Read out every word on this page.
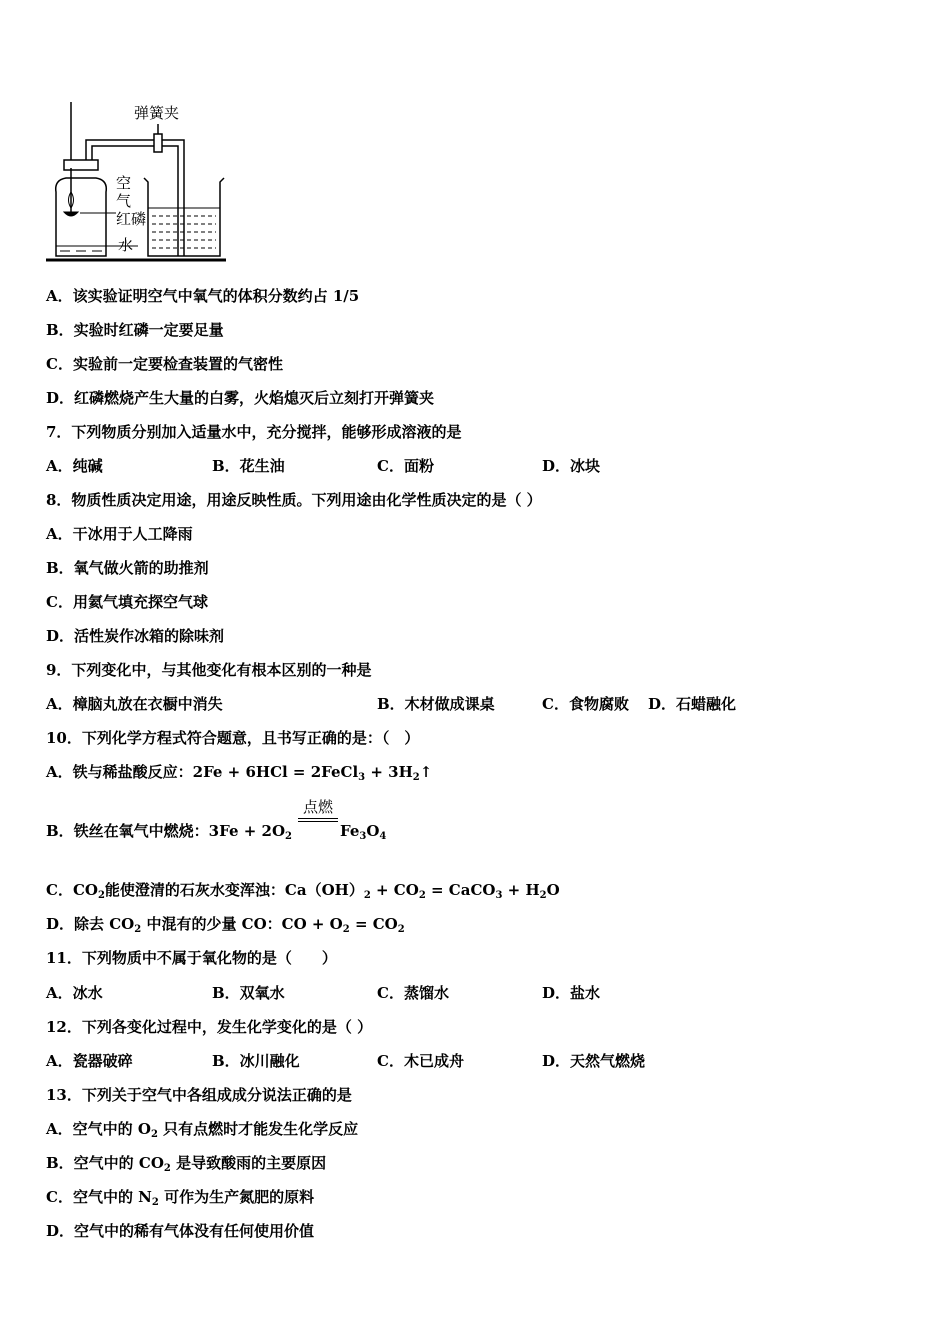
弹簧夹
空
气
红磷
水
A．该实验证明空气中氧气的体积分数约占 1/5
B．实验时红磷一定要足量
C．实验前一定要检查装置的气密性
D．红磷燃烧产生大量的白雾，火焰熄灭后立刻打开弹簧夹
7．下列物质分别加入适量水中，充分搅拌，能够形成溶液的是
A．纯碱	B．花生油	C．面粉	D．冰块
8．物质性质决定用途，用途反映性质。下列用途由化学性质决定的是（ ）
A．干冰用于人工降雨
B．氧气做火箭的助推剂
C．用氦气填充探空气球
D．活性炭作冰箱的除味剂
9．下列变化中，与其他变化有根本区别的一种是
A．樟脑丸放在衣橱中消失	B．木材做成课桌	C．食物腐败 D．石蜡融化
10．下列化学方程式符合题意，且书写正确的是：（　）
A．铁与稀盐酸反应：2Fe + 6HCl = 2FeCl$_3$ + $3H_2↑$
B．铁丝在氧气中燃烧：$3Fe + 2O_2$
点燃
$Fe_3O_4$
C．$CO_2$能使澄清的石灰水变浑浊：$Ca(OH)_2 + CO_2$ = CaCO$_3$ + $H_2O$
D．除去 $CO_2$ 中混有的少量 CO：CO + $O_2 = CO_2$
11．下列物质中不属于氧化物的是（　　）
A．冰水	B．双氧水	C．蒸馏水	D．盐水
12．下列各变化过程中，发生化学变化的是（ ）
A．瓷器破碎	B．冰川融化	C．木已成舟	D．天然气燃烧
13．下列关于空气中各组成成分说法正确的是
A．空气中的 $O_2$ 只有点燃时才能发生化学反应
B．空气中的 $CO_2$ 是导致酸雨的主要原因
C．空气中的 $N_2$ 可作为生产氮肥的原料
D．空气中的稀有气体没有任何使用价值
